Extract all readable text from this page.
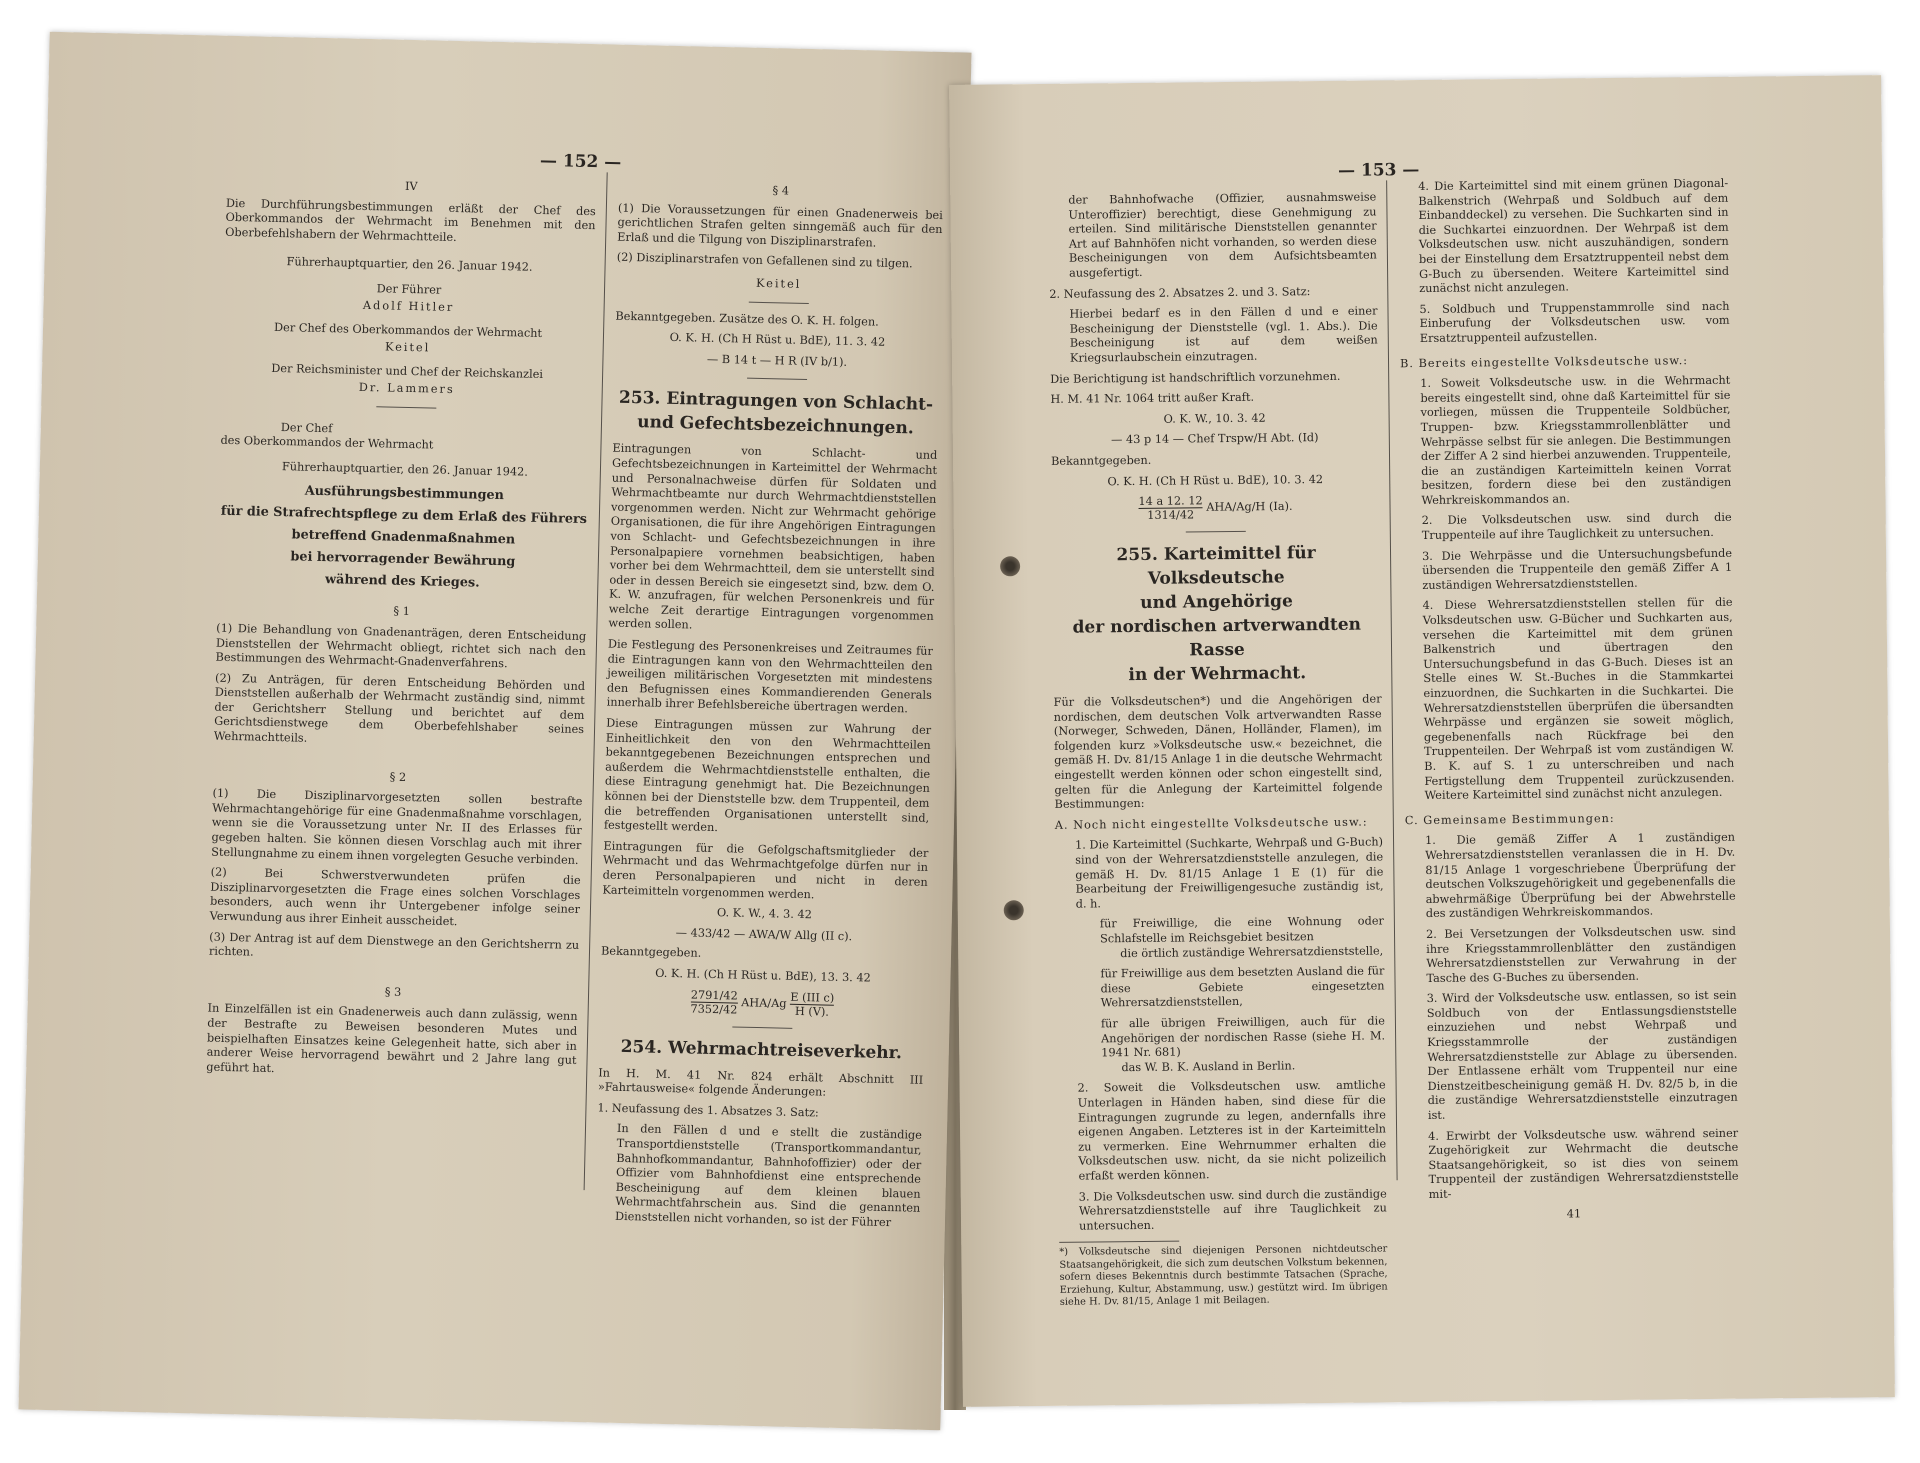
— 152 —

IV

Die Durchführungsbestimmungen erläßt der Chef des Oberkommandos der Wehrmacht im Benehmen mit den Oberbefehlshabern der Wehrmachtteile.

Führerhauptquartier, den 26. Januar 1942.

Der Führer

Adolf Hitler

Der Chef des Oberkommandos der Wehrmacht

Keitel

Der Reichsminister und Chef der Reichskanzlei

Dr. Lammers

Der Chef

des Oberkommandos der Wehrmacht

Führerhauptquartier, den 26. Januar 1942.

Ausführungsbestimmungen
für die Strafrechtspflege zu dem Erlaß des Führers
betreffend Gnadenmaßnahmen
bei hervorragender Bewährung
während des Krieges.

§ 1

(1) Die Behandlung von Gnadenanträgen, deren Entscheidung Dienststellen der Wehrmacht obliegt, richtet sich nach den Bestimmungen des Wehrmacht-Gnadenverfahrens.

(2) Zu Anträgen, für deren Entscheidung Behörden und Dienststellen außerhalb der Wehrmacht zuständig sind, nimmt der Gerichtsherr Stellung und berichtet auf dem Gerichtsdienstwege dem Oberbefehlshaber seines Wehrmachtteils.

§ 2

(1) Die Disziplinarvorgesetzten sollen bestrafte Wehrmachtangehörige für eine Gnadenmaßnahme vorschlagen, wenn sie die Voraussetzung unter Nr. II des Erlasses für gegeben halten. Sie können diesen Vorschlag auch mit ihrer Stellungnahme zu einem ihnen vorgelegten Gesuche verbinden.

(2) Bei Schwerstverwundeten prüfen die Disziplinarvorgesetzten die Frage eines solchen Vorschlages besonders, auch wenn ihr Untergebener infolge seiner Verwundung aus ihrer Einheit ausscheidet.

(3) Der Antrag ist auf dem Dienstwege an den Gerichtsherrn zu richten.

§ 3

In Einzelfällen ist ein Gnadenerweis auch dann zulässig, wenn der Bestrafte zu Beweisen besonderen Mutes und beispielhaften Einsatzes keine Gelegenheit hatte, sich aber in anderer Weise hervorragend bewährt und 2 Jahre lang gut geführt hat.

§ 4

(1) Die Voraussetzungen für einen Gnadenerweis bei gerichtlichen Strafen gelten sinngemäß auch für den Erlaß und die Tilgung von Disziplinarstrafen.

(2) Disziplinarstrafen von Gefallenen sind zu tilgen.

Keitel

Bekanntgegeben. Zusätze des O. K. H. folgen.

O. K. H. (Ch H Rüst u. BdE), 11. 3. 42

— B 14 t — H R (IV b/1).

253. Eintragungen von Schlacht-
und Gefechtsbezeichnungen.

Eintragungen von Schlacht- und Gefechtsbezeichnungen in Karteimittel der Wehrmacht und Personalnachweise dürfen für Soldaten und Wehrmachtbeamte nur durch Wehrmachtdienststellen vorgenommen werden. Nicht zur Wehrmacht gehörige Organisationen, die für ihre Angehörigen Eintragungen von Schlacht- und Gefechtsbezeichnungen in ihre Personalpapiere vornehmen beabsichtigen, haben vorher bei dem Wehrmachtteil, dem sie unterstellt sind oder in dessen Bereich sie eingesetzt sind, bzw. dem O. K. W. anzufragen, für welchen Personenkreis und für welche Zeit derartige Eintragungen vorgenommen werden sollen.

Die Festlegung des Personenkreises und Zeitraumes für die Eintragungen kann von den Wehrmachtteilen den jeweiligen militärischen Vorgesetzten mit mindestens den Befugnissen eines Kommandierenden Generals innerhalb ihrer Befehlsbereiche übertragen werden.

Diese Eintragungen müssen zur Wahrung der Einheitlichkeit den von den Wehrmachtteilen bekanntgegebenen Bezeichnungen entsprechen und außerdem die Wehrmachtdienststelle enthalten, die diese Eintragung genehmigt hat. Die Bezeichnungen können bei der Dienststelle bzw. dem Truppenteil, dem die betreffenden Organisationen unterstellt sind, festgestellt werden.

Eintragungen für die Gefolgschaftsmitglieder der Wehrmacht und das Wehrmachtgefolge dürfen nur in deren Personalpapieren und nicht in deren Karteimitteln vorgenommen werden.

O. K. W., 4. 3. 42

— 433/42 — AWA/W Allg (II c).

Bekanntgegeben.

O. K. H. (Ch H Rüst u. BdE), 13. 3. 42

$\frac{2791/42}{7352/42} AHA/Ag \frac{\text{E (III c)}}{H (V).}$
254. Wehrmachtreiseverkehr.

In H. M. 41 Nr. 824 erhält Abschnitt III »Fahrtausweise« folgende Änderungen:

1. Neufassung des 1. Absatzes 3. Satz:

In den Fällen d und e stellt die zuständige Transportdienststelle (Transportkommandantur, Bahnhofkommandantur, Bahnhofoffizier) oder der Offizier vom Bahnhofdienst eine entsprechende Bescheinigung auf dem kleinen blauen Wehrmachtfahrschein aus. Sind die genannten Dienststellen nicht vorhanden, so ist der Führer

— 153 —

der Bahnhofwache (Offizier, ausnahmsweise Unteroffizier) berechtigt, diese Genehmigung zu erteilen. Sind militärische Dienststellen genannter Art auf Bahnhöfen nicht vorhanden, so werden diese Bescheinigungen von dem Aufsichtsbeamten ausgefertigt.

2. Neufassung des 2. Absatzes 2. und 3. Satz:

Hierbei bedarf es in den Fällen d und e einer Bescheinigung der Dienststelle (vgl. 1. Abs.). Die Bescheinigung ist auf dem weißen Kriegsurlaubschein einzutragen.

Die Berichtigung ist handschriftlich vorzunehmen.

H. M. 41 Nr. 1064 tritt außer Kraft.

O. K. W., 10. 3. 42

— 43 p 14 — Chef Trspw/H Abt. (Id)

Bekanntgegeben.

O. K. H. (Ch H Rüst u. BdE), 10. 3. 42

$\frac{14 a 12. 12}{1314/42} AHA/Ag/H$ (Ia).
255. Karteimittel für Volksdeutsche
und Angehörige
der nordischen artverwandten Rasse
in der Wehrmacht.

Für die Volksdeutschen*) und die Angehörigen der nordischen, dem deutschen Volk artverwandten Rasse (Norweger, Schweden, Dänen, Holländer, Flamen), im folgenden kurz »Volksdeutsche usw.« bezeichnet, die gemäß H. Dv. 81/15 Anlage 1 in die deutsche Wehrmacht eingestellt werden können oder schon eingestellt sind, gelten für die Anlegung der Karteimittel folgende Bestimmungen:

A. Noch nicht eingestellte Volksdeutsche usw.:

1. Die Karteimittel (Suchkarte, Wehrpaß und G-Buch) sind von der Wehrersatzdienststelle anzulegen, die gemäß H. Dv. 81/15 Anlage 1 E (1) für die Bearbeitung der Freiwilligengesuche zuständig ist, d. h.

für Freiwillige, die eine Wohnung oder Schlafstelle im Reichsgebiet besitzen

die örtlich zuständige Wehrersatzdienststelle,

für Freiwillige aus dem besetzten Ausland die für diese Gebiete eingesetzten Wehrersatzdienststellen,

für alle übrigen Freiwilligen, auch für die Angehörigen der nordischen Rasse (siehe H. M. 1941 Nr. 681)

das W. B. K. Ausland in Berlin.

2. Soweit die Volksdeutschen usw. amtliche Unterlagen in Händen haben, sind diese für die Eintragungen zugrunde zu legen, andernfalls ihre eigenen Angaben. Letzteres ist in der Karteimitteln zu vermerken. Eine Wehrnummer erhalten die Volksdeutschen usw. nicht, da sie nicht polizeilich erfaßt werden können.

3. Die Volksdeutschen usw. sind durch die zuständige Wehrersatzdienststelle auf ihre Tauglichkeit zu untersuchen.

*) Volksdeutsche sind diejenigen Personen nichtdeutscher Staatsangehörigkeit, die sich zum deutschen Volkstum bekennen, sofern dieses Bekenntnis durch bestimmte Tatsachen (Sprache, Erziehung, Kultur, Abstammung, usw.) gestützt wird. Im übrigen siehe H. Dv. 81/15, Anlage 1 mit Beilagen.

4. Die Karteimittel sind mit einem grünen Diagonal-Balkenstrich (Wehrpaß und Soldbuch auf dem Einbanddeckel) zu versehen. Die Suchkarten sind in die Suchkartei einzuordnen. Der Wehrpaß ist dem Volksdeutschen usw. nicht auszuhändigen, sondern bei der Einstellung dem Ersatztruppenteil nebst dem G-Buch zu übersenden. Weitere Karteimittel sind zunächst nicht anzulegen.

5. Soldbuch und Truppenstammrolle sind nach Einberufung der Volksdeutschen usw. vom Ersatztruppenteil aufzustellen.

B. Bereits eingestellte Volksdeutsche usw.:

1. Soweit Volksdeutsche usw. in die Wehrmacht bereits eingestellt sind, ohne daß Karteimittel für sie vorliegen, müssen die Truppenteile Soldbücher, Truppen- bzw. Kriegsstammrollenblätter und Wehrpässe selbst für sie anlegen. Die Bestimmungen der Ziffer A 2 sind hierbei anzuwenden. Truppenteile, die an zuständigen Karteimitteln keinen Vorrat besitzen, fordern diese bei den zuständigen Wehrkreiskommandos an.

2. Die Volksdeutschen usw. sind durch die Truppenteile auf ihre Tauglichkeit zu untersuchen.

3. Die Wehrpässe und die Untersuchungsbefunde übersenden die Truppenteile den gemäß Ziffer A 1 zuständigen Wehrersatzdienststellen.

4. Diese Wehrersatzdienststellen stellen für die Volksdeutschen usw. G-Bücher und Suchkarten aus, versehen die Karteimittel mit dem grünen Balkenstrich und übertragen den Untersuchungsbefund in das G-Buch. Dieses ist an Stelle eines W. St.-Buches in die Stammkartei einzuordnen, die Suchkarten in die Suchkartei. Die Wehrersatzdienststellen überprüfen die übersandten Wehrpässe und ergänzen sie soweit möglich, gegebenenfalls nach Rückfrage bei den Truppenteilen. Der Wehrpaß ist vom zuständigen W. B. K. auf S. 1 zu unterschreiben und nach Fertigstellung dem Truppenteil zurückzusenden. Weitere Karteimittel sind zunächst nicht anzulegen.

C. Gemeinsame Bestimmungen:

1. Die gemäß Ziffer A 1 zuständigen Wehrersatzdienststellen veranlassen die in H. Dv. 81/15 Anlage 1 vorgeschriebene Überprüfung der deutschen Volkszugehörigkeit und gegebenenfalls die abwehrmäßige Überprüfung bei der Abwehrstelle des zuständigen Wehrkreiskommandos.

2. Bei Versetzungen der Volksdeutschen usw. sind ihre Kriegsstammrollenblätter den zuständigen Wehrersatzdienststellen zur Verwahrung in der Tasche des G-Buches zu übersenden.

3. Wird der Volksdeutsche usw. entlassen, so ist sein Soldbuch von der Entlassungsdienststelle einzuziehen und nebst Wehrpaß und Kriegsstammrolle der zuständigen Wehrersatzdienststelle zur Ablage zu übersenden. Der Entlassene erhält vom Truppenteil nur eine Dienstzeitbescheinigung gemäß H. Dv. 82/5 b, in die die zuständige Wehrersatzdienststelle einzutragen ist.

4. Erwirbt der Volksdeutsche usw. während seiner Zugehörigkeit zur Wehrmacht die deutsche Staatsangehörigkeit, so ist dies von seinem Truppenteil der zuständigen Wehrersatzdienststelle mit-

41
